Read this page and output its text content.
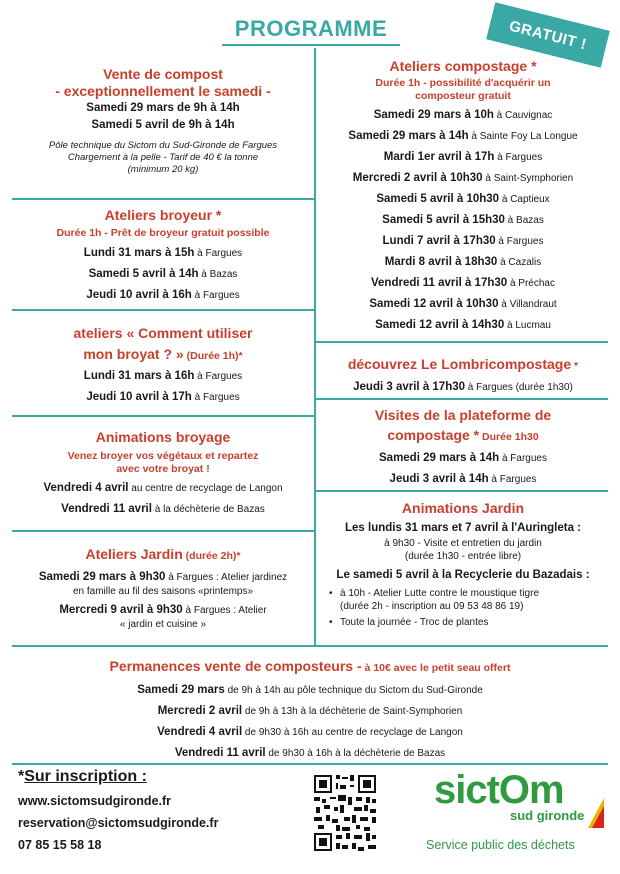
PROGRAMME	GRATUIT !
Vente de compost
- exceptionnellement le samedi -
Samedi 29 mars de 9h à 14h
Samedi 5 avril de 9h à 14h
Pôle technique du Sictom du Sud-Gironde de Fargues
Chargement à la pelle - Tarif de 40 € la tonne
(minimum 20 kg)
Ateliers broyeur *
Durée 1h - Prêt de broyeur gratuit possible
Lundi 31 mars à 15h à Fargues
Samedi 5 avril à 14h à Bazas
Jeudi 10 avril à 16h à Fargues
ateliers « Comment utiliser
mon broyat ? » (Durée 1h)*
Lundi 31 mars à 16h à Fargues
Jeudi 10 avril à 17h à Fargues
Animations broyage
Venez broyer vos végétaux et repartez
avec votre broyat !
Vendredi 4 avril au centre de recyclage de Langon
Vendredi 11 avril à la déchèterie de Bazas
Ateliers Jardin (durée 2h)*
Samedi 29 mars à 9h30 à Fargues : Atelier jardinez
en famille au fil des saisons «printemps»
Mercredi 9 avril à 9h30 à Fargues : Atelier
« jardin et cuisine »
Ateliers compostage *
Durée 1h - possibilité d'acquérir un
composteur gratuit
Samedi 29 mars à 10h à Cauvignac
Samedi 29 mars à 14h à Sainte Foy La Longue
Mardi 1er avril à 17h à Fargues
Mercredi 2 avril à 10h30 à Saint-Symphorien
Samedi 5 avril à 10h30 à Captieux
Samedi 5 avril à 15h30 à Bazas
Lundi 7 avril à 17h30 à Fargues
Mardi 8 avril à 18h30 à Cazalis
Vendredi 11 avril à 17h30 à Préchac
Samedi 12 avril à 10h30 à Villandraut
Samedi 12 avril à 14h30 à Lucmau
découvrez Le Lombricompostage *
Jeudi 3 avril à 17h30 à Fargues (durée 1h30)
Visites de la plateforme de
compostage * Durée 1h30
Samedi 29 mars à 14h à Fargues
Jeudi 3 avril à 14h à Fargues
Animations Jardin
Les lundis 31 mars et 7 avril à l'Auringleta :
à 9h30 - Visite et entretien du jardin
(durée 1h30 - entrée libre)
Le samedi 5 avril à la Recyclerie du Bazadais :
• à 10h - Atelier Lutte contre le moustique tigre
(durée 2h - inscription au 09 53 48 86 19)
• Toute la journée - Troc de plantes
Permanences vente de composteurs - à 10€ avec le petit seau offert
Samedi 29 mars de 9h à 14h au pôle technique du Sictom du Sud-Gironde
Mercredi 2 avril de 9h à 13h à la déchèterie de Saint-Symphorien
Vendredi 4 avril de 9h30 à 16h au centre de recyclage de Langon
Vendredi 11 avril de 9h30 à 16h à la déchèterie de Bazas
*Sur inscription :
www.sictomsudgironde.fr
reservation@sictomsudgironde.fr
07 85 15 58 18
sictOm
sud gironde
Service public des déchets
